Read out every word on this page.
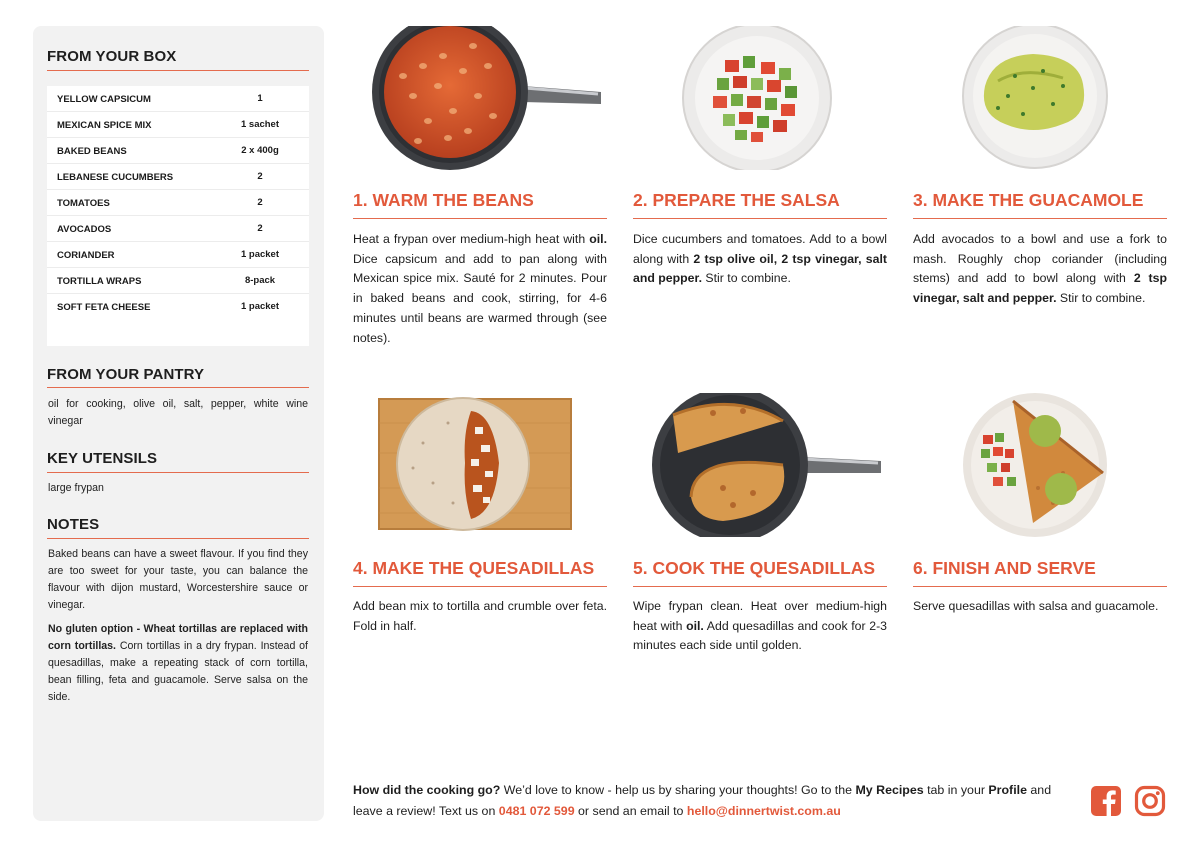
FROM YOUR BOX
YELLOW CAPSICUM	1
MEXICAN SPICE MIX	1 sachet
BAKED BEANS	2 x 400g
LEBANESE CUCUMBERS	2
TOMATOES	2
AVOCADOS	2
CORIANDER	1 packet
TORTILLA WRAPS	8-pack
SOFT FETA CHEESE	1 packet
FROM YOUR PANTRY
oil for cooking, olive oil, salt, pepper, white wine vinegar
KEY UTENSILS
large frypan
NOTES
Baked beans can have a sweet flavour. If you find they are too sweet for your taste, you can balance the flavour with dijon mustard, Worcestershire sauce or vinegar.
No gluten option - Wheat tortillas are replaced with corn tortillas. Corn tortillas in a dry frypan. Instead of quesadillas, make a repeating stack of corn tortilla, bean filling, feta and guacamole. Serve salsa on the side.
1. WARM THE BEANS
Heat a frypan over medium-high heat with oil. Dice capsicum and add to pan along with Mexican spice mix. Sauté for 2 minutes. Pour in baked beans and cook, stirring, for 4-6 minutes until beans are warmed through (see notes).
2. PREPARE THE SALSA
Dice cucumbers and tomatoes. Add to a bowl along with 2 tsp olive oil, 2 tsp vinegar, salt and pepper. Stir to combine.
3. MAKE THE GUACAMOLE
Add avocados to a bowl and use a fork to mash. Roughly chop coriander (including stems) and add to bowl along with 2 tsp vinegar, salt and pepper. Stir to combine.
4. MAKE THE QUESADILLAS
Add bean mix to tortilla and crumble over feta. Fold in half.
5. COOK THE QUESADILLAS
Wipe frypan clean. Heat over medium-high heat with oil. Add quesadillas and cook for 2-3 minutes each side until golden.
6. FINISH AND SERVE
Serve quesadillas with salsa and guacamole.
How did the cooking go? We’d love to know - help us by sharing your thoughts! Go to the My Recipes tab in your Profile and leave a review! Text us on 0481 072 599 or send an email to hello@dinnertwist.com.au
